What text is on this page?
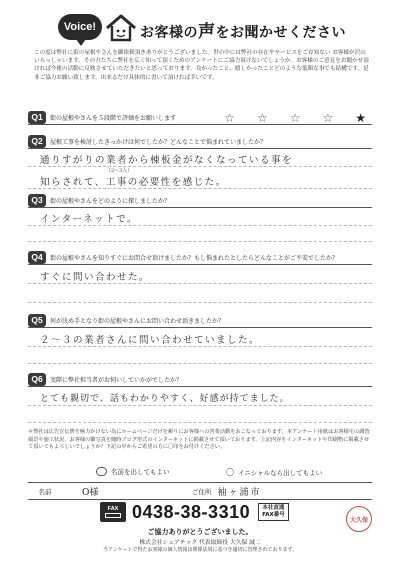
Voice!	お客様の声をお聞かせください
この度は弊社に街の屋根やさんを御依頼頂きありがとうございました。世の中には弊社の存在やサービスをご存知ない お客様が沢山いらっしゃいます。その方たちに弊社を広く知って頂くためのアンケートにご協力頂けないでしょうか。お客様のご意見をお聞かせ頂ければ今後の活動に反映させていただきたいと思っております。良かったこと、嬉しかったことどのような低額な事でも結構です。是非ご協力お願い致します。出来るだけ具体的に書いて頂ければ幸いです。
Q1	街の屋根やさんを５段階で評価をお願いします	☆ ☆ ☆ ☆ ★
Q2	屋根工事を検討したきっかけは何でしたか？どんなことで悩まれていましたか？
通りすがりの業者から棟板金がなくなっている事を
（2〜3人）
知らされて、工事の必要性を感じた。
Q3	街の屋根やさんをどのように探しましたか？
インターネットで。
Q4	街の屋根やさんを知りすぐにお問合せ頂けましたか？もし悩まれたとしたらどんなことがご不安でしたか？
すぐに問い合わせた。
Q5	何が決め手となり街の屋根やさんにお問い合わせ頂きましたか？
２〜３の業者さんに問い合わせていました。
Q6	実際に弊社担当者がお伺いしていかがでしたか？
とても親切で、話もわかりやすく、好感が持てました。
＊弊社は広告宣伝費を極力かけない為にホームページだけを頼りにお客様への営業活動をおこなっております。本アンケート用紙はお客様宅の調査風景や施工状況、お客様の御写真を随時ブログ形式のインターネットに掲載させて頂いております。上記内容をインターネットや印刷物に掲載させて頂いてもよろしいでしょうか？下記の中からご希望の方に〇印をお付けください。
名前を出してもよい	〇 イニシャルなら出してもよい
名前	O様	ご住所 袖ヶ浦市
FAX 0438-38-3310 本社直通
FAX番号
大久保
ご協力ありがとうございました。
株式会社シェアテック 代表取締役 大久保 誠二
当アンケートで得たお客様の個人情報は関係法規に基づき適切に管理されております。
